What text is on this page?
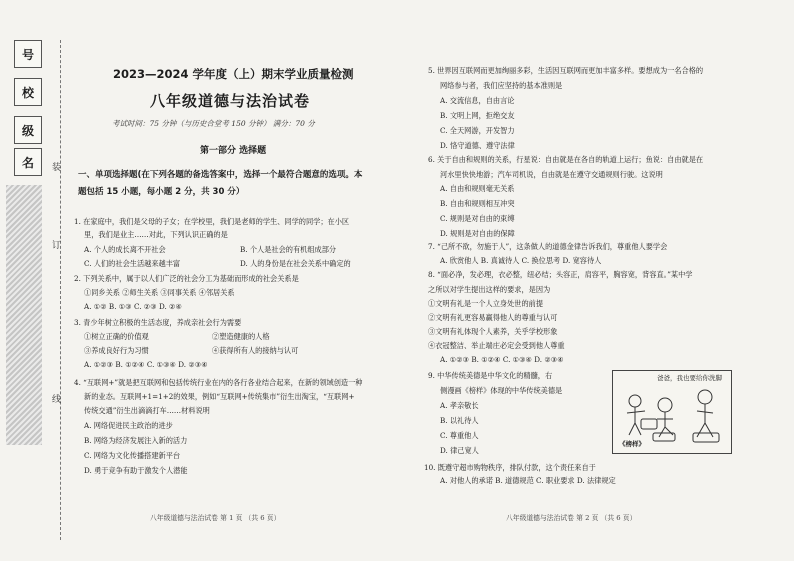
号
校
级
名	装
订
线
2023—2024 学年度（上）期末学业质量检测
八年级道德与法治试卷
考试时间：75 分钟（与历史合堂考 150 分钟） 满分：70 分
第一部分 选择题
一、单项选择题(在下列各题的备选答案中，选择一个最符合题意的选项。本
题包括 15 小题，每小题 2 分，共 30 分）
1. 在家庭中，我们是父母的子女；在学校里，我们是老师的学生、同学的同学；在小区
里，我们是业主……对此，下列认识正确的是
A. 个人的成长离不开社会	B. 个人是社会的有机组成部分
C. 人们的社会生活越来越丰富	D. 人的身份是在社会关系中确定的
2. 下列关系中，属于以人们广泛的社会分工为基础而形成的社会关系是
①同乡关系 ②师生关系 ③同事关系 ④邻居关系
A. ①② B. ①③ C. ②③ D. ②④
3. 青少年树立积极的生活态度，养成亲社会行为需要
①树立正确的价值观	②塑造健康的人格
③养成良好行为习惯	④获得所有人的接纳与认可
A. ①②③ B. ①②④ C. ①③④ D. ②③④
4. “互联网+”就是把互联网和包括传统行业在内的各行各业结合起来，在新的领域创造一种
新的业态。互联网+1=1+2的效果，例如“互联网+传统集市”衍生出淘宝，“互联网+
传统交通”衍生出滴滴打车……材料说明
A. 网络促进民主政治的进步
B. 网络为经济发展注入新的活力
C. 网络为文化传播搭建新平台
D. 勇于竞争有助于激发个人潜能
八年级道德与法治试卷 第 1 页 （共 6 页）
5. 世界因互联网而更加绚丽多彩，生活因互联网而更加丰富多样。要想成为一名合格的
网络参与者，我们应坚持的基本准则是
A. 交流信息，自由言论
B. 文明上网，拒绝交友
C. 全天网游，开发智力
D. 恪守道德、遵守法律
6. 关于自由和规则的关系，行星说：自由就是在各自的轨道上运行；鱼说：自由就是在
河水里快快地游；汽车司机说，自由就是在遵守交通规则行驶。这说明
A. 自由和规则毫无关系
B. 自由和规则相互冲突
C. 规则是对自由的束缚
D. 规则是对自由的保障
7. “己所不欲，勿施于人”，这条做人的道德金律告诉我们，尊重他人要学会
A. 欣赏他人 B. 真诚待人 C. 换位思考 D. 宽容待人
8. “面必净，发必理，衣必整，纽必结；头容正，肩容平，胸容宽，背容直。”某中学
之所以对学生提出这样的要求，是因为
①文明有礼是一个人立身处世的前提
②文明有礼更容易赢得他人的尊重与认可
③文明有礼体现个人素养，关乎学校形象
④衣冠整洁、举止端庄必定会受到他人尊重
A. ①②③ B. ①②④ C. ①③④ D. ②③④
9. 中华传统美德是中华文化的精髓，右
侧漫画《榜样》体现的中华传统美德是
A. 孝亲敬长
B. 以礼待人
C. 尊重他人
D. 律己宽人
爸爸，我也要给你洗脚
《榜样》
10. 既遵守超市购物秩序，排队付款，这个责任来自于
A. 对他人的承诺 B. 道德规范 C. 职业要求 D. 法律规定
八年级道德与法治试卷 第 2 页 （共 6 页）
